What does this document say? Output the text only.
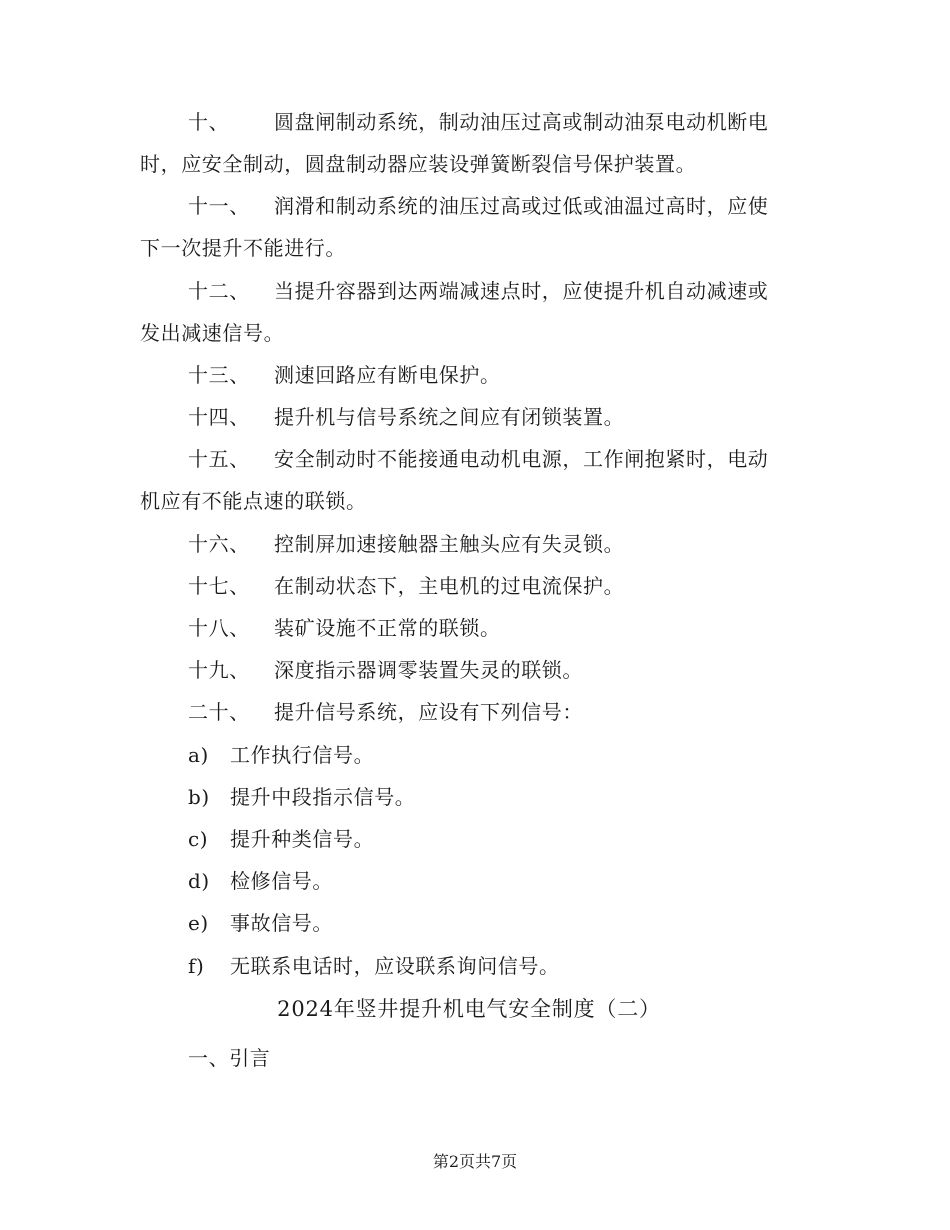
十、 圆盘闸制动系统，制动油压过高或制动油泵电动机断电
时，应安全制动，圆盘制动器应装设弹簧断裂信号保护装置。
十一、 润滑和制动系统的油压过高或过低或油温过高时，应使
下一次提升不能进行。
十二、 当提升容器到达两端减速点时，应使提升机自动减速或
发出减速信号。
十三、 测速回路应有断电保护。
十四、 提升机与信号系统之间应有闭锁装置。
十五、 安全制动时不能接通电动机电源，工作闸抱紧时，电动
机应有不能点速的联锁。
十六、 控制屏加速接触器主触头应有失灵锁。
十七、 在制动状态下，主电机的过电流保护。
十八、 装矿设施不正常的联锁。
十九、 深度指示器调零装置失灵的联锁。
二十、 提升信号系统，应设有下列信号：
a) 工作执行信号。
b) 提升中段指示信号。
c) 提升种类信号。
d) 检修信号。
e) 事故信号。
f) 无联系电话时，应设联系询问信号。
2024年竖井提升机电气安全制度（二）
一、引言
第2页共7页
